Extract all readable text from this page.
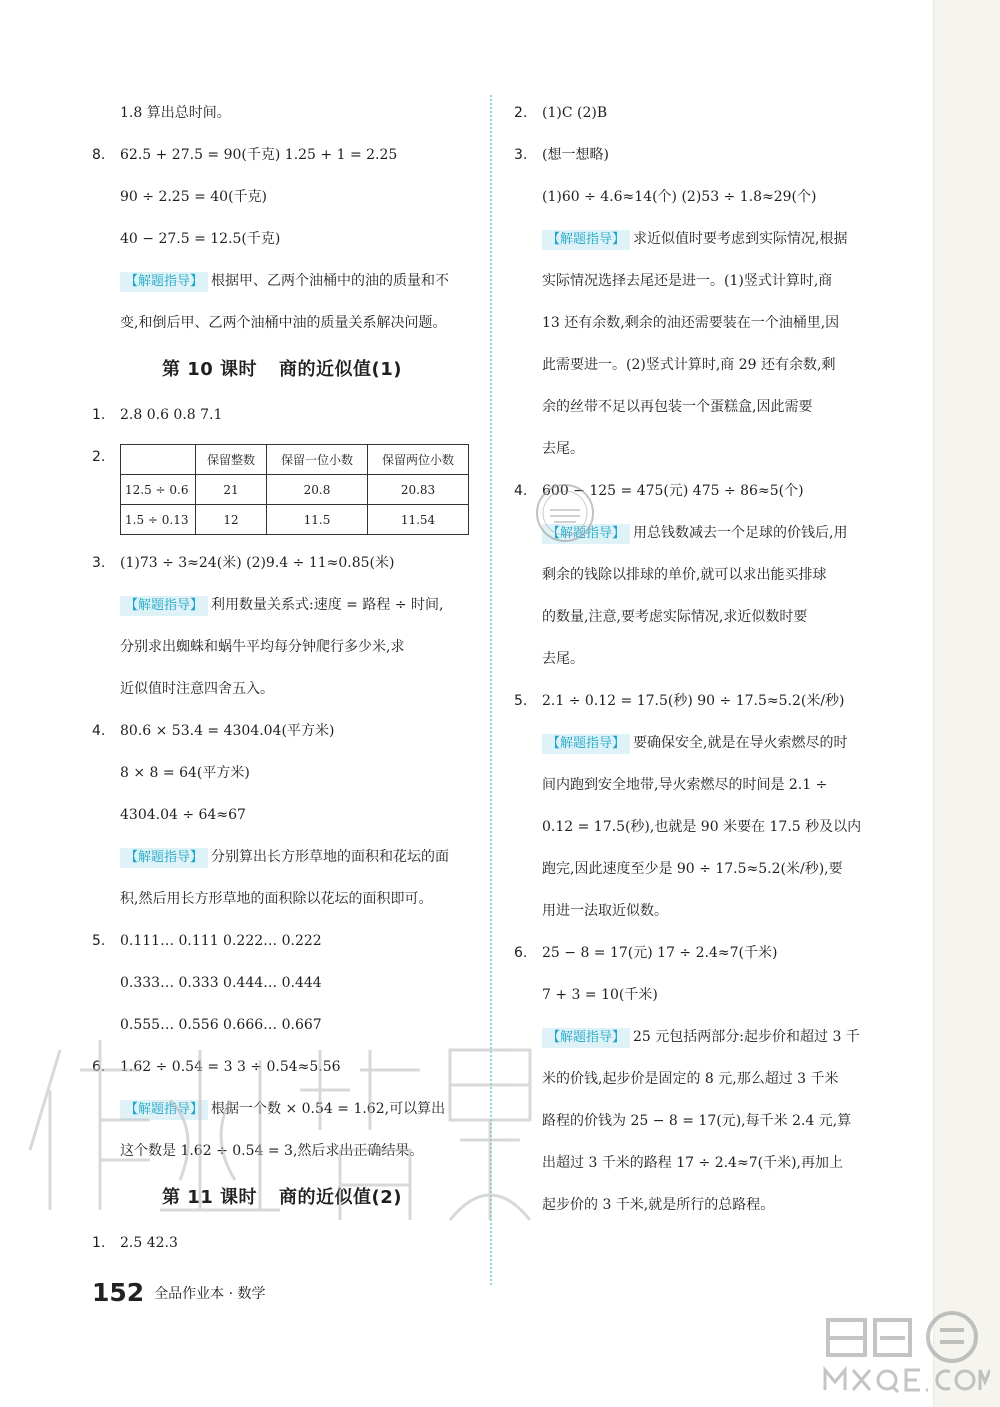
1.8 算出总时间。
8. 62.5 + 27.5 = 90(千克) 1.25 + 1 = 2.25
90 ÷ 2.25 = 40(千克)
40 − 27.5 = 12.5(千克)
【解题指导】 根据甲、乙两个油桶中的油的质量和不
变,和倒后甲、乙两个油桶中油的质量关系解决问题。
第 10 课时 商的近似值(1)
1. 2.8 0.6 0.8 7.1
2.
		保留整数	保留一位小数	保留两位小数
12.5 ÷ 0.6	21	20.8	20.83
1.5 ÷ 0.13	12	11.5	11.54
3. (1)73 ÷ 3≈24(米) (2)9.4 ÷ 11≈0.85(米)
【解题指导】 利用数量关系式:速度 = 路程 ÷ 时间,
分别求出蜘蛛和蜗牛平均每分钟爬行多少米,求
近似值时注意四舍五入。
4. 80.6 × 53.4 = 4304.04(平方米)
8 × 8 = 64(平方米)
4304.04 ÷ 64≈67
【解题指导】 分别算出长方形草地的面积和花坛的面
积,然后用长方形草地的面积除以花坛的面积即可。
5. 0.111… 0.111 0.222… 0.222
0.333… 0.333 0.444… 0.444
0.555… 0.556 0.666… 0.667
6. 1.62 ÷ 0.54 = 3 3 ÷ 0.54≈5.56
【解题指导】 根据一个数 × 0.54 = 1.62,可以算出
这个数是 1.62 ÷ 0.54 = 3,然后求出正确结果。
第 11 课时 商的近似值(2)
1. 2.5 42.3
2. (1)C (2)B
3. (想一想略)
(1)60 ÷ 4.6≈14(个) (2)53 ÷ 1.8≈29(个)
【解题指导】 求近似值时要考虑到实际情况,根据
实际情况选择去尾还是进一。(1)竖式计算时,商
13 还有余数,剩余的油还需要装在一个油桶里,因
此需要进一。(2)竖式计算时,商 29 还有余数,剩
余的丝带不足以再包装一个蛋糕盒,因此需要
去尾。
4. 600 − 125 = 475(元) 475 ÷ 86≈5(个)
【解题指导】 用总钱数减去一个足球的价钱后,用
剩余的钱除以排球的单价,就可以求出能买排球
的数量,注意,要考虑实际情况,求近似数时要
去尾。
5. 2.1 ÷ 0.12 = 17.5(秒) 90 ÷ 17.5≈5.2(米/秒)
【解题指导】 要确保安全,就是在导火索燃尽的时
间内跑到安全地带,导火索燃尽的时间是 2.1 ÷
0.12 = 17.5(秒),也就是 90 米要在 17.5 秒及以内
跑完,因此速度至少是 90 ÷ 17.5≈5.2(米/秒),要
用进一法取近似数。
6. 25 − 8 = 17(元) 17 ÷ 2.4≈7(千米)
7 + 3 = 10(千米)
【解题指导】 25 元包括两部分:起步价和超过 3 千
米的价钱,起步价是固定的 8 元,那么超过 3 千米
路程的价钱为 25 − 8 = 17(元),每千米 2.4 元,算
出超过 3 千米的路程 17 ÷ 2.4≈7(千米),再加上
起步价的 3 千米,就是所行的总路程。
152 全品作业本 · 数学
